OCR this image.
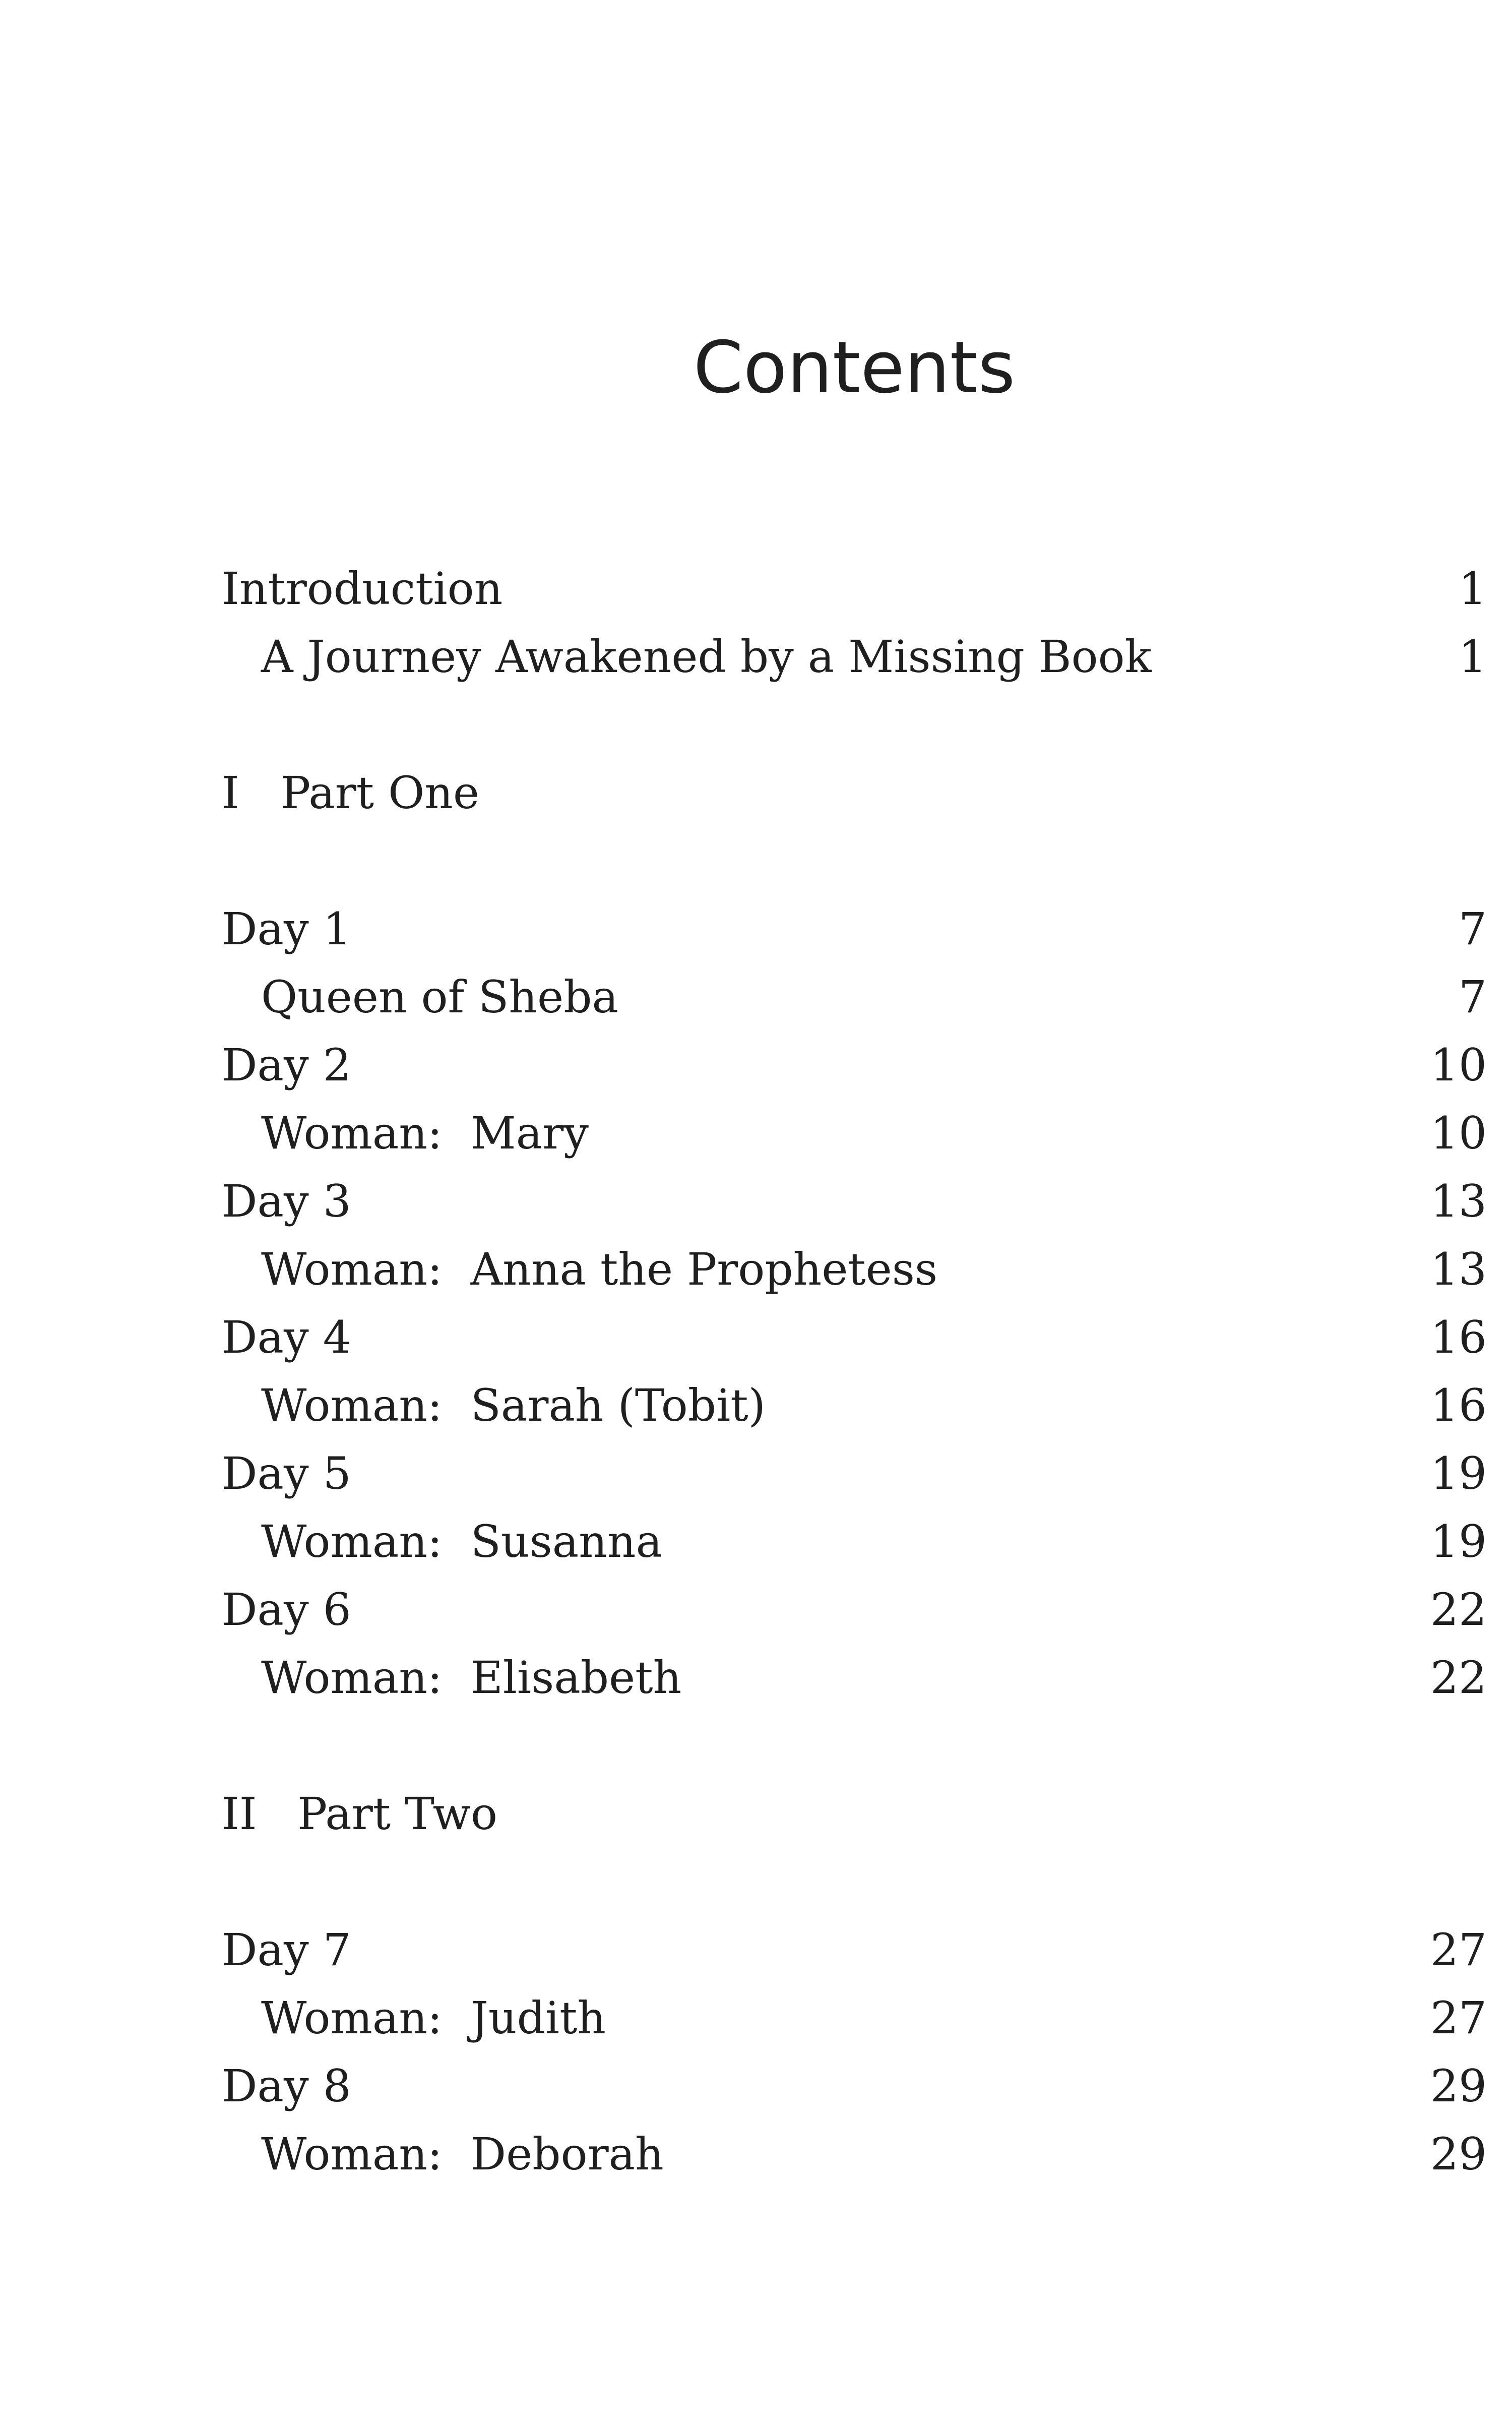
Contents
Introduction	1
A Journey Awakened by a Missing Book	1
I Part One
Day 1	7
Queen of Sheba	7
Day 2	10
Woman:  Mary	10
Day 3	13
Woman:  Anna the Prophetess	13
Day 4	16
Woman:  Sarah (Tobit)	16
Day 5	19
Woman:  Susanna	19
Day 6	22
Woman:  Elisabeth	22
II Part Two
Day 7	27
Woman:  Judith	27
Day 8	29
Woman:  Deborah	29
